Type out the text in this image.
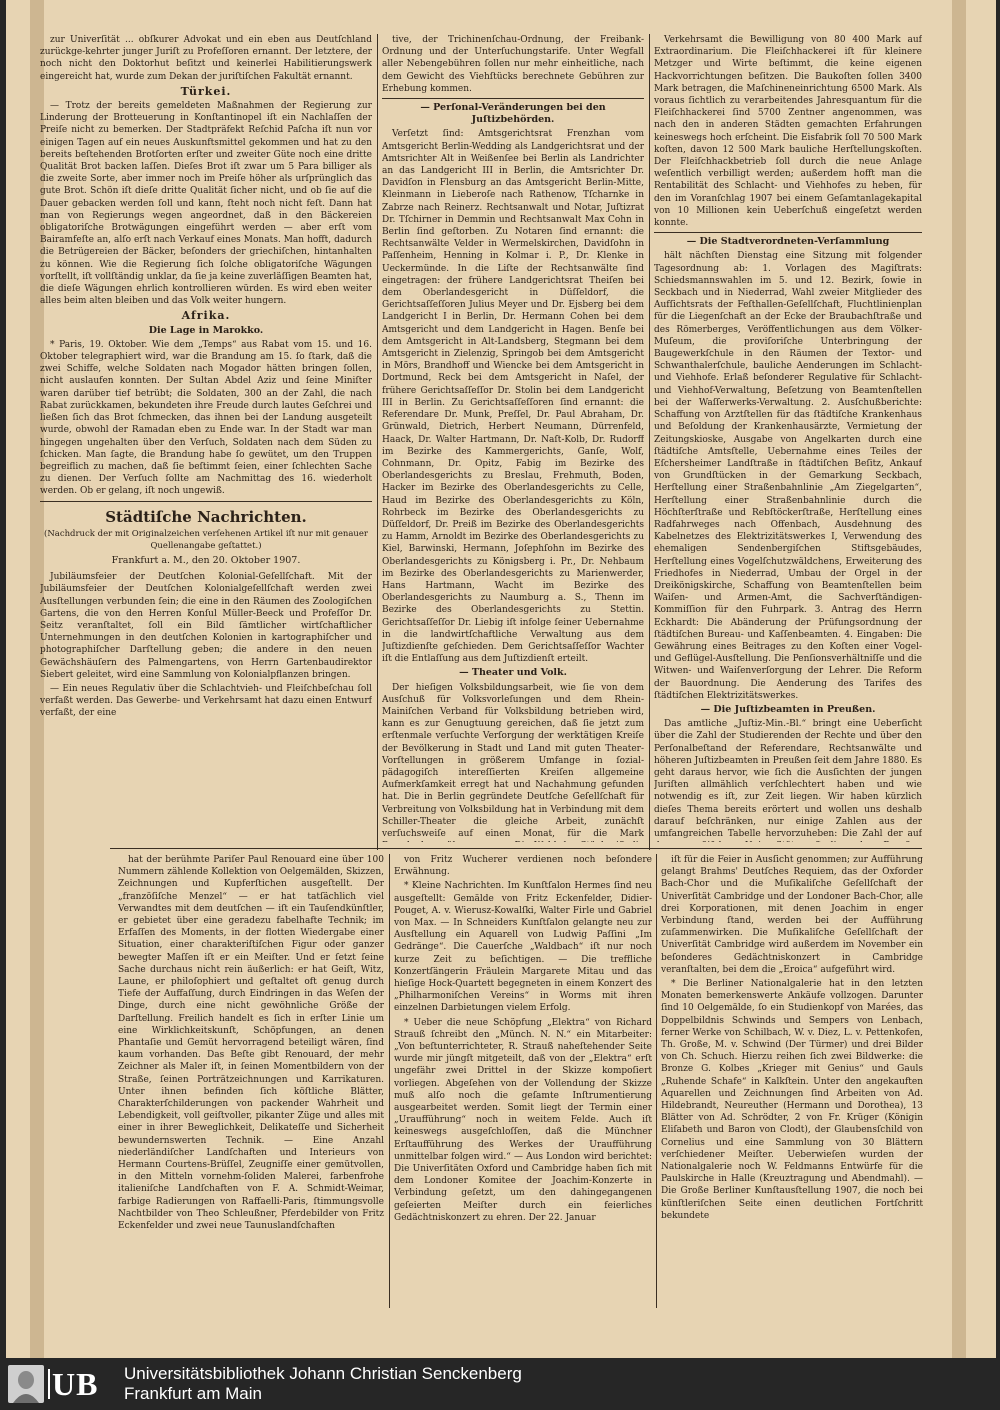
zur Univerſität ... obſkurer Advokat und ein eben aus Deutſchland zurückge-kehrter junger Juriſt zu Profeſſoren ernannt. Der letztere, der noch nicht den Doktorhut beſitzt und keinerlei Habilitierungswerk eingereicht hat, wurde zum Dekan der juriſtiſchen Fakultät ernannt.

Türkei.

— Trotz der bereits gemeldeten Maßnahmen der Regierung zur Linderung der Brotteuerung in Konſtantinopel iſt ein Nachlaſſen der Preiſe nicht zu bemerken. Der Stadtpräfekt Reſchid Paſcha iſt nun vor einigen Tagen auf ein neues Auskunftsmittel gekommen und hat zu den bereits beſtehenden Brotſorten erſter und zweiter Güte noch eine dritte Qualität Brot backen laſſen. Dieſes Brot iſt zwar um 5 Para billiger als die zweite Sorte, aber immer noch im Preiſe höher als urſprünglich das gute Brot. Schön iſt dieſe dritte Qualität ſicher nicht, und ob ſie auf die Dauer gebacken werden ſoll und kann, ſteht noch nicht feſt. Dann hat man von Regierungs wegen angeordnet, daß in den Bäckereien obligatoriſche Brotwägungen eingeführt werden — aber erſt vom Bairamfeſte an, alſo erſt nach Verkauf eines Monats. Man hofft, dadurch die Betrügereien der Bäcker, beſonders der griechiſchen, hintanhalten zu können. Wie die Regierung ſich ſolche obligatoriſche Wägungen vorſtellt, iſt vollſtändig unklar, da ſie ja keine zuverläſſigen Beamten hat, die dieſe Wägungen ehrlich kontrollieren würden. Es wird eben weiter alles beim alten bleiben und das Volk weiter hungern.

Afrika.
Die Lage in Marokko.

* Paris, 19. Oktober. Wie dem „Temps“ aus Rabat vom 15. und 16. Oktober telegraphiert wird, war die Brandung am 15. ſo ſtark, daß die zwei Schiffe, welche Soldaten nach Mogador hätten bringen ſollen, nicht auslaufen konnten. Der Sultan Abdel Aziz und ſeine Miniſter waren darüber tief betrübt; die Soldaten, 300 an der Zahl, die nach Rabat zurückkamen, bekundeten ihre Freude durch lautes Geſchrei und ließen ſich das Brot ſchmecken, das ihnen bei der Landung ausgeteilt wurde, obwohl der Ramadan eben zu Ende war. In der Stadt war man hingegen ungehalten über den Verſuch, Soldaten nach dem Süden zu ſchicken. Man ſagte, die Brandung habe ſo gewütet, um den Truppen begreiflich zu machen, daß ſie beſtimmt ſeien, einer ſchlechten Sache zu dienen. Der Verſuch ſollte am Nachmittag des 16. wiederholt werden. Ob er gelang, iſt noch ungewiß.

Städtiſche Nachrichten.
(Nachdruck der mit Originalzeichen verſehenen Artikel iſt nur mit genauer Quellenangabe geſtattet.)
Frankfurt a. M., den 20. Oktober 1907.

Jubiläumsfeier der Deutſchen Kolonial-Geſellſchaft. Mit der Jubiläumsfeier der Deutſchen Kolonialgeſellſchaft werden zwei Ausſtellungen verbunden ſein; die eine in den Räumen des Zoologiſchen Gartens, die von den Herren Konſul Müller-Beeck und Profeſſor Dr. Seitz veranſtaltet, ſoll ein Bild ſämtlicher wirtſchaftlicher Unternehmungen in den deutſchen Kolonien in kartographiſcher und photographiſcher Darſtellung geben; die andere in den neuen Gewächshäuſern des Palmengartens, von Herrn Gartenbaudirektor Siebert geleitet, wird eine Sammlung von Kolonialpflanzen bringen.

— Ein neues Regulativ über die Schlachtvieh- und Fleiſchbeſchau ſoll verfaßt werden. Das Gewerbe- und Verkehrsamt hat dazu einen Entwurf verfaßt, der eine

tive, der Trichinenſchau-Ordnung, der Freibank-Ordnung und der Unterſuchungstarife. Unter Wegfall aller Nebengebühren ſollen nur mehr einheitliche, nach dem Gewicht des Viehſtücks berechnete Gebühren zur Erhebung kommen.

— Perſonal-Veränderungen bei den Juſtizbehörden.

Verſetzt ſind: Amtsgerichtsrat Frenzhan vom Amtsgericht Berlin-Wedding als Landgerichtsrat und der Amtsrichter Alt in Weißenſee bei Berlin als Landrichter an das Landgericht III in Berlin, die Amtsrichter Dr. Davidſon in Flensburg an das Amtsgericht Berlin-Mitte, Kleinmann in Lieberoſe nach Rathenow, Tſcharnke in Zabrze nach Reinerz. Rechtsanwalt und Notar, Juſtizrat Dr. Tſchirner in Demmin und Rechtsanwalt Max Cohn in Berlin ſind geſtorben. Zu Notaren ſind ernannt: die Rechtsanwälte Velder in Wermelskirchen, Davidſohn in Paſſenheim, Henning in Kolmar i. P., Dr. Klenke in Ueckermünde. In die Liſte der Rechtsanwälte ſind eingetragen: der frühere Landgerichtsrat Theiſen bei dem Oberlandesgericht in Düſſeldorf, die Gerichtsaſſeſſoren Julius Meyer und Dr. Ejsberg bei dem Landgericht I in Berlin, Dr. Hermann Cohen bei dem Amtsgericht und dem Landgericht in Hagen. Benſe bei dem Amtsgericht in Alt-Landsberg, Stegmann bei dem Amtsgericht in Zielenzig, Springob bei dem Amtsgericht in Mörs, Brandhoff und Wiencke bei dem Amtsgericht in Dortmund, Reck bei dem Amtsgericht in Naſel, der frühere Gerichtsaſſeſſor Dr. Stolin bei dem Landgericht III in Berlin. Zu Gerichtsaſſeſſoren ſind ernannt: die Referendare Dr. Munk, Preſſel, Dr. Paul Abraham, Dr. Grünwald, Dietrich, Herbert Neumann, Dürrenfeld, Haack, Dr. Walter Hartmann, Dr. Naſt-Kolb, Dr. Rudorff im Bezirke des Kammergerichts, Ganſe, Wolf, Cohnmann, Dr. Opitz, Fabig im Bezirke des Oberlandesgerichts zu Breslau, Frehmuth, Boden, Hacker im Bezirke des Oberlandesgerichts zu Celle, Haud im Bezirke des Oberlandesgerichts zu Köln, Rohrbeck im Bezirke des Oberlandesgerichts zu Düſſeldorf, Dr. Preiß im Bezirke des Oberlandesgerichts zu Hamm, Arnoldt im Bezirke des Oberlandesgerichts zu Kiel, Barwinski, Hermann, Joſephſohn im Bezirke des Oberlandesgerichts zu Königsberg i. Pr., Dr. Nehbaum im Bezirke des Oberlandesgerichts zu Marienwerder, Hans Hartmann, Wacht im Bezirke des Oberlandesgerichts zu Naumburg a. S., Thenn im Bezirke des Oberlandesgerichts zu Stettin. Gerichtsaſſeſſor Dr. Liebig iſt infolge ſeiner Uebernahme in die landwirtſchaftliche Verwaltung aus dem Juſtizdienſte geſchieden. Dem Gerichtsaſſeſſor Wachter iſt die Entlaſſung aus dem Juſtizdienſt erteilt.

— Theater und Volk.

Der hieſigen Volksbildungsarbeit, wie ſie von dem Ausſchuß für Volksvorleſungen und dem Rhein-Mainiſchen Verband für Volksbildung betrieben wird, kann es zur Genugtuung gereichen, daß ſie jetzt zum erſtenmale verſuchte Verſorgung der werktätigen Kreiſe der Bevölkerung in Stadt und Land mit guten Theater-Vorſtellungen in größerem Umfange in ſozial-pädagogiſch intereſſierten Kreiſen allgemeine Aufmerkſamkeit erregt hat und Nachahmung gefunden hat. Die in Berlin gegründete Deutſche Geſellſchaft für Verbreitung von Volksbildung hat in Verbindung mit dem Schiller-Theater die gleiche Arbeit, zunächſt verſuchsweiſe auf einen Monat, für die Mark

Verkehrsamt die Bewilligung von 80 400 Mark auf Extraordinarium. Die Fleiſchhackerei iſt für kleinere Metzger und Wirte beſtimmt, die keine eigenen Hackvorrichtungen beſitzen. Die Baukoſten ſollen 3400 Mark betragen, die Maſchineneinrichtung 6500 Mark. Als voraus ſichtlich zu verarbeitendes Jahresquantum für die Fleiſchhackerei ſind 5700 Zentner angenommen, was nach den in anderen Städten gemachten Erfahrungen keineswegs hoch erſcheint. Die Eisfabrik ſoll 70 500 Mark koſten, davon 12 500 Mark bauliche Herſtellungskoſten. Der Fleiſchhackbetrieb ſoll durch die neue Anlage weſentlich verbilligt werden; außerdem hofft man die Rentabilität des Schlacht- und Viehhofes zu heben, für den im Voranſchlag 1907 bei einem Geſamtanlagekapital von 10 Millionen kein Ueberſchuß eingeſetzt werden konnte.

— Die Stadtverordneten-Verſammlung

hält nächſten Dienstag eine Sitzung mit folgender Tagesordnung ab: 1. Vorlagen des Magiſtrats: Schiedsmannswahlen im 5. und 12. Bezirk, ſowie in Seckbach und in Niederrad, Wahl zweier Mitglieder des Aufſichtsrats der Feſthallen-Geſellſchaft, Fluchtlinienplan für die Liegenſchaft an der Ecke der Braubachſtraße und des Römerberges, Veröffentlichungen aus dem Völker-Muſeum, die proviſoriſche Unterbringung der Baugewerkſchule in den Räumen der Textor- und Schwanthalerſchule, bauliche Aenderungen im Schlacht- und Viehhofe. Erlaß beſonderer Regulative für Schlacht- und Viehhof-Verwaltung, Beſetzung von Beamtenſtellen bei der Waſſerwerks-Verwaltung. 2. Ausſchußberichte: Schaffung von Arztſtellen für das ſtädtiſche Krankenhaus und Beſoldung der Krankenhausärzte, Vermietung der Zeitungskioske, Ausgabe von Angelkarten durch eine ſtädtiſche Amtsſtelle, Uebernahme eines Teiles der Eſchersheimer Landſtraße in ſtädtiſchen Beſitz, Ankauf von Grundſtücken in der Gemarkung Seckbach, Herſtellung einer Straßenbahnlinie „Am Ziegelgarten“, Herſtellung einer Straßenbahnlinie durch die Höchſterſtraße und Rebſtöckerſtraße, Herſtellung eines Radfahrweges nach Offenbach, Ausdehnung des Kabelnetzes des Elektrizitätswerkes I, Verwendung des ehemaligen Sendenbergiſchen Stiftsgebäudes, Herſtellung eines Vogelſchutzwäldchens, Erweiterung des Friedhofes in Niederrad, Umbau der Orgel in der Dreikönigskirche, Schaffung von Beamtenſtellen beim Waiſen- und Armen-Amt, die Sachverſtändigen-Kommiſſion für den Fuhrpark. 3. Antrag des Herrn Eckhardt: Die Abänderung der Prüfungsordnung der ſtädtiſchen Bureau- und Kaſſenbeamten. 4. Eingaben: Die Gewährung eines Beitrages zu den Koſten einer Vogel- und Geflügel-Ausſtellung. Die Penſionsverhältniſſe und die Witwen- und Waiſenverſorgung der Lehrer. Die Reform der Bauordnung. Die Aenderung des Tarifes des ſtädtiſchen Elektrizitätswerkes.

— Die Juſtizbeamten in Preußen.

Das amtliche „Juſtiz-Min.-Bl.“ bringt eine Ueberſicht über die Zahl der Studierenden der Rechte und über den Perſonalbeſtand der Referendare, Rechtsanwälte und höheren Juſtizbeamten in Preußen ſeit dem Jahre 1880. Es geht daraus hervor, wie ſich die Ausſichten der jungen Juriſten allmählich verſchlechtert haben und wie notwendig es iſt, zur Zeit liegen. Wir haben kürzlich dieſes Thema bereits erörtert und wollen uns deshalb darauf beſchränken, nur einige Zahlen aus der umfangreichen Tabelle hervorzuheben: Die Zahl der auf

hat der berühmte Pariſer Paul Renouard eine über 100 Nummern zählende Kollektion von Oelgemälden, Skizzen, Zeichnungen und Kupferſtichen ausgeſtellt. Der „franzöſiſche Menzel“ — er hat tatſächlich viel Verwandtes mit dem deutſchen — iſt ein Tauſendkünſtler, er gebietet über eine geradezu fabelhafte Technik; im Erfaſſen des Moments, in der flotten Wiedergabe einer Situation, einer charakteriſtiſchen Figur oder ganzer bewegter Maſſen iſt er ein Meiſter. Und er ſetzt ſeine Sache durchaus nicht rein äußerlich: er hat Geiſt, Witz, Laune, er philoſophiert und geſtaltet oft genug durch Tiefe der Auffaſſung, durch Eindringen in das Weſen der Dinge, durch eine nicht gewöhnliche Größe der Darſtellung. Freilich handelt es ſich in erſter Linie um eine Wirklichkeitskunſt, Schöpfungen, an denen Phantaſie und Gemüt hervorragend beteiligt wären, ſind kaum vorhanden. Das Beſte gibt Renouard, der mehr Zeichner als Maler iſt, in ſeinen Momentbildern von der Straße, ſeinen Porträtzeichnungen und Karrikaturen. Unter ihnen befinden ſich köſtliche Blätter, Charakterſchilderungen von packender Wahrheit und Lebendigkeit, voll geiſtvoller, pikanter Züge und alles mit einer in ihrer Beweglichkeit, Delikateſſe und Sicherheit bewundernswerten Technik. — Eine Anzahl niederländiſcher Landſchaften und Interieurs von Hermann Courtens-Brüſſel, Zeugniſſe einer gemütvollen, in den Mitteln vornehm-ſoliden Malerei, farbenfrohe italieniſche Landſchaften von F. A. Schmidt-Weimar, farbige Radierungen von Raffaelli-Paris, ſtimmungsvolle Nachtbilder von Theo Schleußner, Pferdebilder von Fritz Eckenfelder und zwei neue Taunuslandſchaften

von Fritz Wucherer verdienen noch beſondere Erwähnung.

* Kleine Nachrichten. Im Kunſtſalon Hermes ſind neu ausgeſtellt: Gemälde von Fritz Eckenfelder, Didier-Pouget, A. v. Wierusz-Kowalſki, Walter Firle und Gabriel von Max. — In Schneiders Kunſtſalon gelangte neu zur Ausſtellung ein Aquarell von Ludwig Paſſini „Im Gedränge“. Die Cauerſche „Waldbach“ iſt nur noch kurze Zeit zu beſichtigen. — Die treffliche Konzertſängerin Fräulein Margarete Mitau und das hieſige Hock-Quartett begegneten in einem Konzert des „Philharmoniſchen Vereins“ in Worms mit ihren einzelnen Darbietungen vielem Erfolg.

* Ueber die neue Schöpfung „Elektra“ von Richard Strauß ſchreibt den „Münch. N. N.“ ein Mitarbeiter: „Von beſtunterrichteter, R. Strauß naheſtehender Seite wurde mir jüngſt mitgeteilt, daß von der „Elektra“ erſt ungefähr zwei Drittel in der Skizze kompoſiert vorliegen. Abgeſehen von der Vollendung der Skizze muß alſo noch die geſamte Inſtrumentierung ausgearbeitet werden. Somit liegt der Termin einer „Uraufführung“ noch in weitem Felde. Auch iſt keineswegs ausgeſchloſſen, daß die Münchner Erſtaufführung des Werkes der Uraufführung unmittelbar folgen wird.“ — Aus London wird berichtet: Die Univerſitäten Oxford und Cambridge haben ſich mit dem Londoner Komitee der Joachim-Konzerte in Verbindung geſetzt, um den dahingegangenen geſeierten Meiſter durch ein feierliches Gedächtniskonzert zu ehren. Der 22. Januar

iſt für die Feier in Ausſicht genommen; zur Aufführung gelangt Brahms' Deutſches Requiem, das der Oxforder Bach-Chor und die Muſikaliſche Geſellſchaft der Univerſität Cambridge und der Londoner Bach-Chor, alle drei Korporationen, mit denen Joachim in enger Verbindung ſtand, werden bei der Aufführung zuſammenwirken. Die Muſikaliſche Geſellſchaft der Univerſität Cambridge wird außerdem im November ein beſonderes Gedächtniskonzert in Cambridge veranſtalten, bei dem die „Eroica“ aufgeführt wird.

* Die Berliner Nationalgalerie hat in den letzten Monaten bemerkenswerte Ankäufe vollzogen. Darunter ſind 10 Oelgemälde, ſo ein Studienkopf von Marées, das Doppelbildnis Schwinds und Sempers von Lenbach, ferner Werke von Schilbach, W. v. Diez, L. v. Pettenkofen, Th. Große, M. v. Schwind (Der Türmer) und drei Bilder von Ch. Schuch. Hierzu reihen ſich zwei Bildwerke: die Bronze G. Kolbes „Krieger mit Genius“ und Gauls „Ruhende Schafe“ in Kalkſtein. Unter den angekauften Aquarellen und Zeichnungen ſind Arbeiten von Ad. Hildebrandt, Neureuther (Hermann und Dorothea), 13 Blätter von Ad. Schrödter, 2 von Fr. Krüger (Königin Eliſabeth und Baron von Clodt), der Glaubensſchild von Cornelius und eine Sammlung von 30 Blättern verſchiedener Meiſter. Ueberwieſen wurden der Nationalgalerie noch W. Feldmanns Entwürfe für die Paulskirche in Halle (Kreuztragung und Abendmahl). — Die Große Berliner Kunſtausſtellung 1907, die noch bei künſtleriſchen Seite einen deutlichen Fortſchritt bekundete

UB Universitätsbibliothek Johann Christian Senckenberg
Frankfurt am Main
